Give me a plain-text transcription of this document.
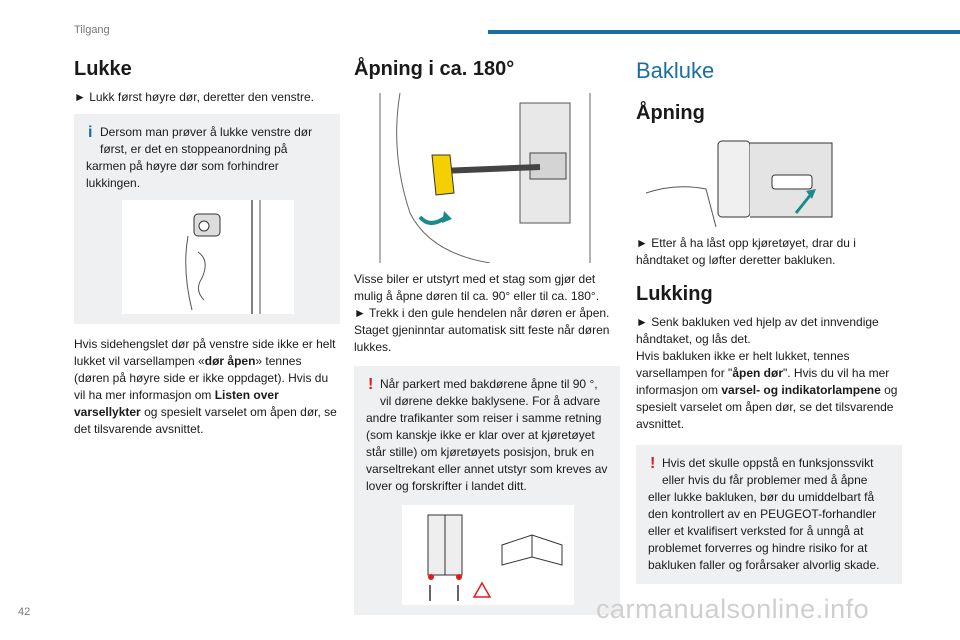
Tilgang
Lukke

► Lukk først høyre dør, deretter den venstre.

i Dersom man prøver å lukke venstre dør

først, er det en stoppeanordning på

karmen på høyre dør som forhindrer lukkingen.

Hvis sidehengslet dør på venstre side ikke er helt lukket vil varsellampen «dør åpen» tennes (døren på høyre side er ikke oppdaget). Hvis du vil ha mer informasjon om Listen over varsellykter og spesielt varselet om åpen dør, se det tilsvarende avsnittet.

Åpning i ca. 180°

Visse biler er utstyrt med et stag som gjør det mulig å åpne døren til ca. 90° eller til ca. 180°.

► Trekk i den gule hendelen når døren er åpen. Staget gjeninntar automatisk sitt feste når døren lukkes.

! Når parkert med bakdørene åpne til 90 °,

vil dørene dekke baklysene. For å advare

andre trafikanter som reiser i samme retning (som kanskje ikke er klar over at kjøretøyet står stille) om kjøretøyets posisjon, bruk en varseltrekant eller annet utstyr som kreves av lover og forskrifter i landet ditt.

Bakluke
Åpning

► Etter å ha låst opp kjøretøyet, drar du i håndtaket og løfter deretter bakluken.

Lukking

► Senk bakluken ved hjelp av det innvendige håndtaket, og lås det.

Hvis bakluken ikke er helt lukket, tennes varsellampen for "åpen dør". Hvis du vil ha mer informasjon om varsel- og indikatorlampene og spesielt varselet om åpen dør, se det tilsvarende avsnittet.

! Hvis det skulle oppstå en funksjonssvikt

eller hvis du får problemer med å åpne

eller lukke bakluken, bør du umiddelbart få den kontrollert av en PEUGEOT-forhandler eller et kvalifisert verksted for å unngå at problemet forverres og hindre risiko for at bakluken faller og forårsaker alvorlig skade.

42	carmanualsonline.info
